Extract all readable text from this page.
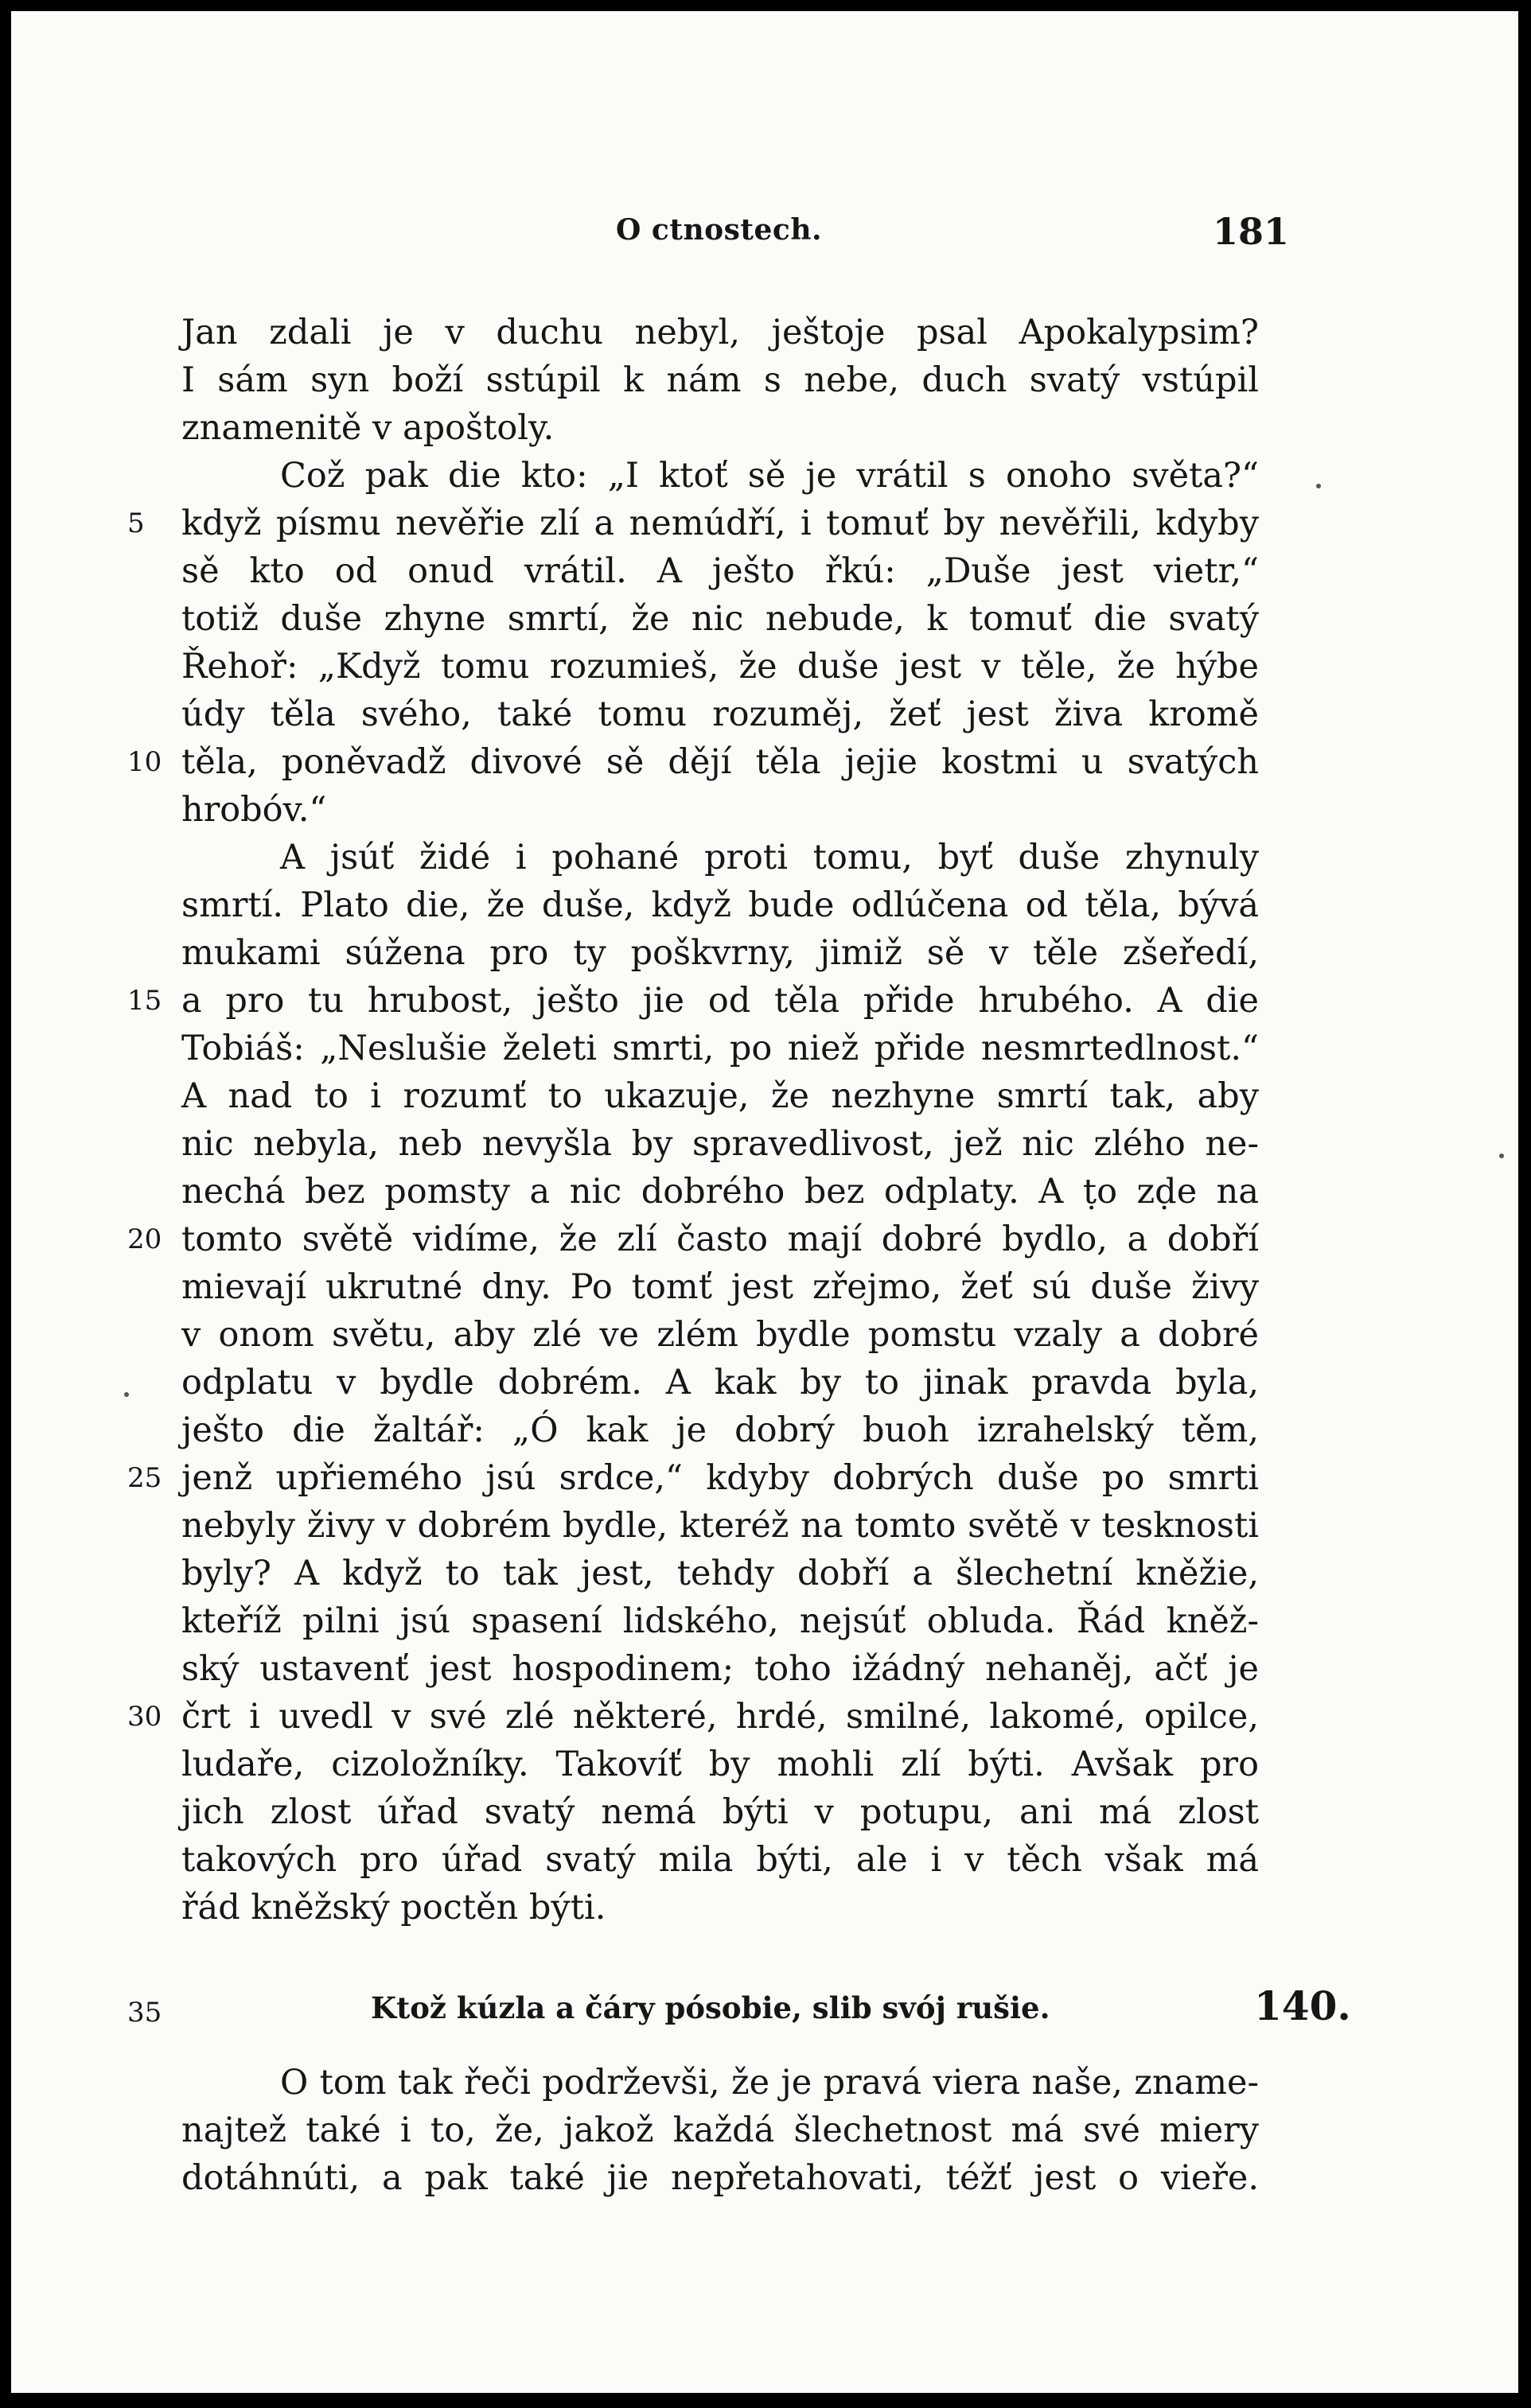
O ctnostech.	181
Jan zdali je v duchu nebyl, ještoje psal Apokalypsim?
I sám syn boží sstúpil k nám s nebe, duch svatý vstúpil
znamenitě v apoštoly.
Což pak die kto: „I ktoť sě je vrátil s onoho světa?“
když písmu nevěřie zlí a nemúdří, i tomuť by nevěřili, kdyby
sě kto od onud vrátil. A ješto řkú: „Duše jest vietr,“
totiž duše zhyne smrtí, že nic nebude, k tomuť die svatý
Řehoř: „Když tomu rozumieš, že duše jest v těle, že hýbe
údy těla svého, také tomu rozuměj, žeť jest živa kromě
těla, poněvadž divové sě dějí těla jejie kostmi u svatých
hrobóv.“
A jsúť židé i pohané proti tomu, byť duše zhynuly
smrtí. Plato die, že duše, když bude odlúčena od těla, bývá
mukami súžena pro ty poškvrny, jimiž sě v těle zšeředí,
a pro tu hrubost, ješto jie od těla přide hrubého. A die
Tobiáš: „Neslušie želeti smrti, po niež přide nesmrtedlnost.“
A nad to i rozumť to ukazuje, že nezhyne smrtí tak, aby
nic nebyla, neb nevyšla by spravedlivost, jež nic zlého ne-
nechá bez pomsty a nic dobrého bez odplaty. A ṭo zḍe na
tomto světě vidíme, že zlí často mají dobré bydlo, a dobří
mievají ukrutné dny. Po tomť jest zřejmo, žeť sú duše živy
v onom světu, aby zlé ve zlém bydle pomstu vzaly a dobré
odplatu v bydle dobrém. A kak by to jinak pravda byla,
ješto die žaltář: „Ó kak je dobrý buoh izrahelský těm,
jenž upřiemého jsú srdce,“ kdyby dobrých duše po smrti
nebyly živy v dobrém bydle, kteréž na tomto světě v tesknosti
byly? A když to tak jest, tehdy dobří a šlechetní kněžie,
kteříž pilni jsú spasení lidského, nejsúť obluda. Řád kněž-
ský ustavenť jest hospodinem; toho ižádný nehaněj, ačť je
črt i uvedl v své zlé některé, hrdé, smilné, lakomé, opilce,
ludaře, cizoložníky. Takovíť by mohli zlí býti. Avšak pro
jich zlost úřad svatý nemá býti v potupu, ani má zlost
takových pro úřad svatý mila býti, ale i v těch však má
řád kněžský poctěn býti.
5
10
15
20
25
30
35	Ktož kúzla a čáry pósobie, slib svój rušie.	140.
O tom tak řeči podrževši, že je pravá viera naše, zname-
najtež také i to, že, jakož každá šlechetnost má své miery
dotáhnúti, a pak také jie nepřetahovati, téžť jest o vieře.
